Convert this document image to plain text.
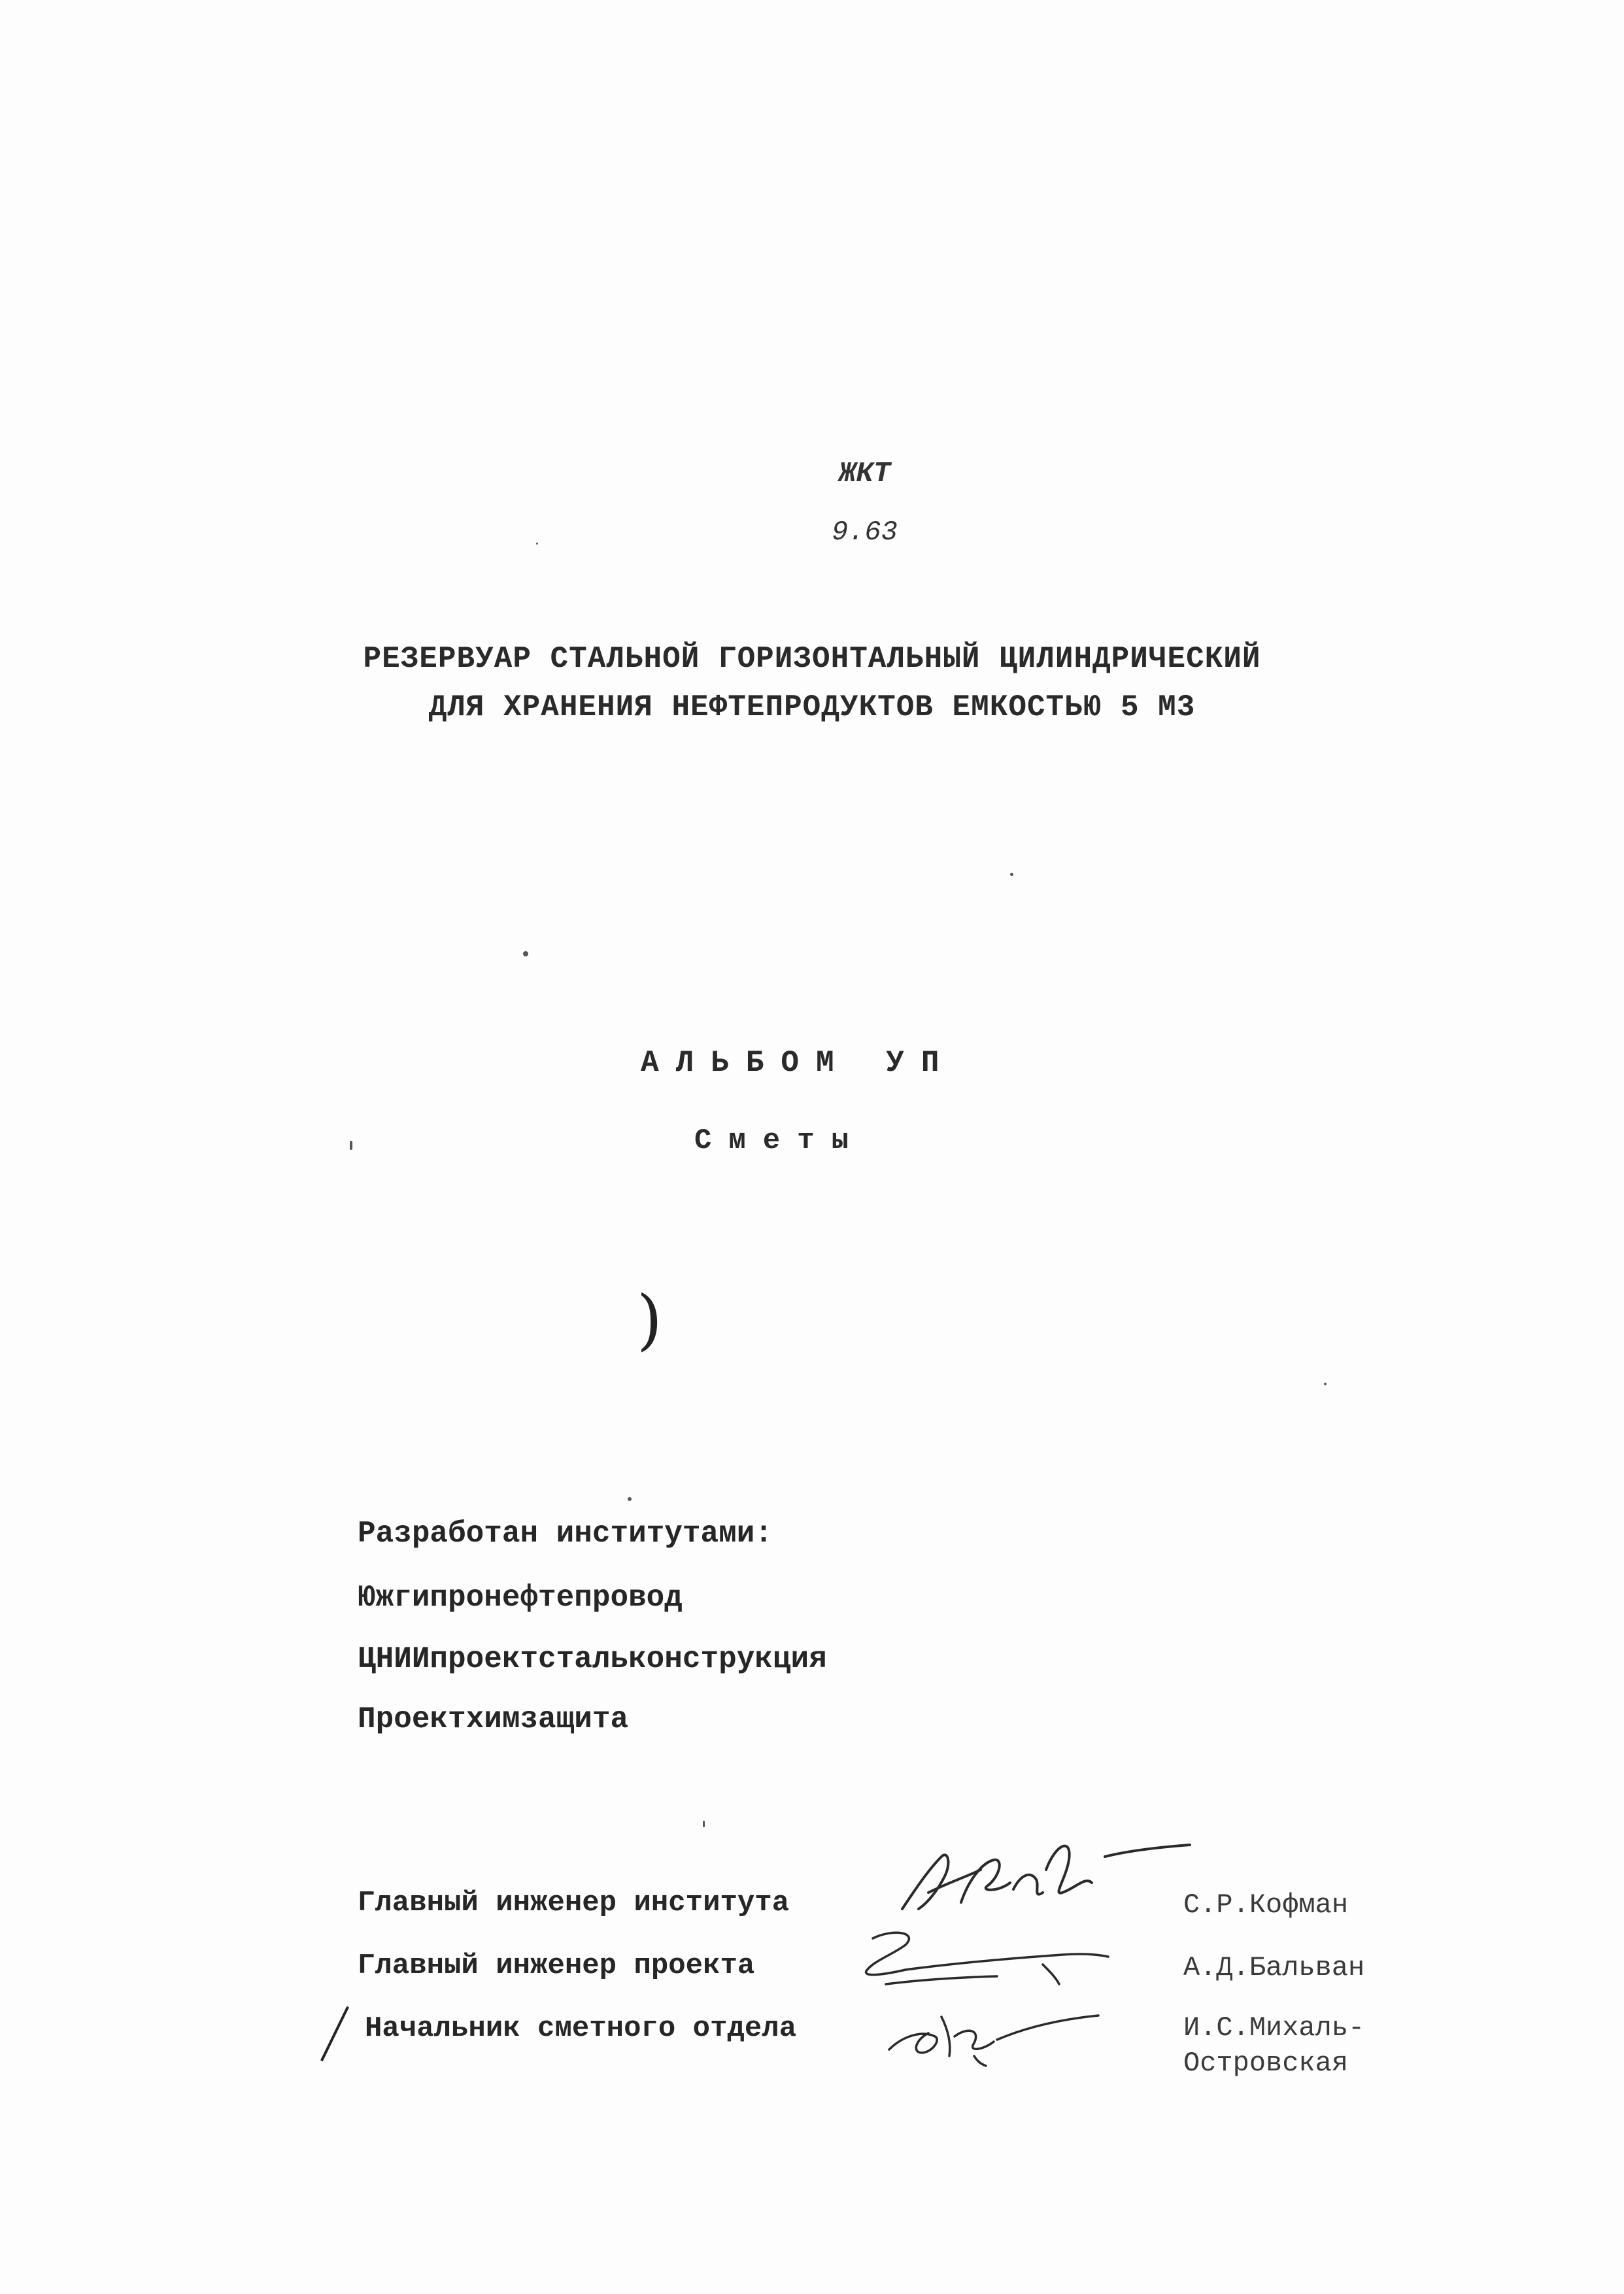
ЖКТ
9.63
РЕЗЕРВУАР СТАЛЬНОЙ ГОРИЗОНТАЛЬНЫЙ ЦИЛИНДРИЧЕСКИЙ
ДЛЯ ХРАНЕНИЯ НЕФТЕПРОДУКТОВ ЕМКОСТЬЮ 5 М3
АЛЬБОМ УП
Сметы
)
Разработан институтами:
Южгипронефтепровод
ЦНИИпроектстальконструкция
Проектхимзащита
Главный инженер института
Главный инженер проекта
Начальник сметного отдела
С.Р.Кофман
А.Д.Бальван
И.С.Михаль-
Островская
